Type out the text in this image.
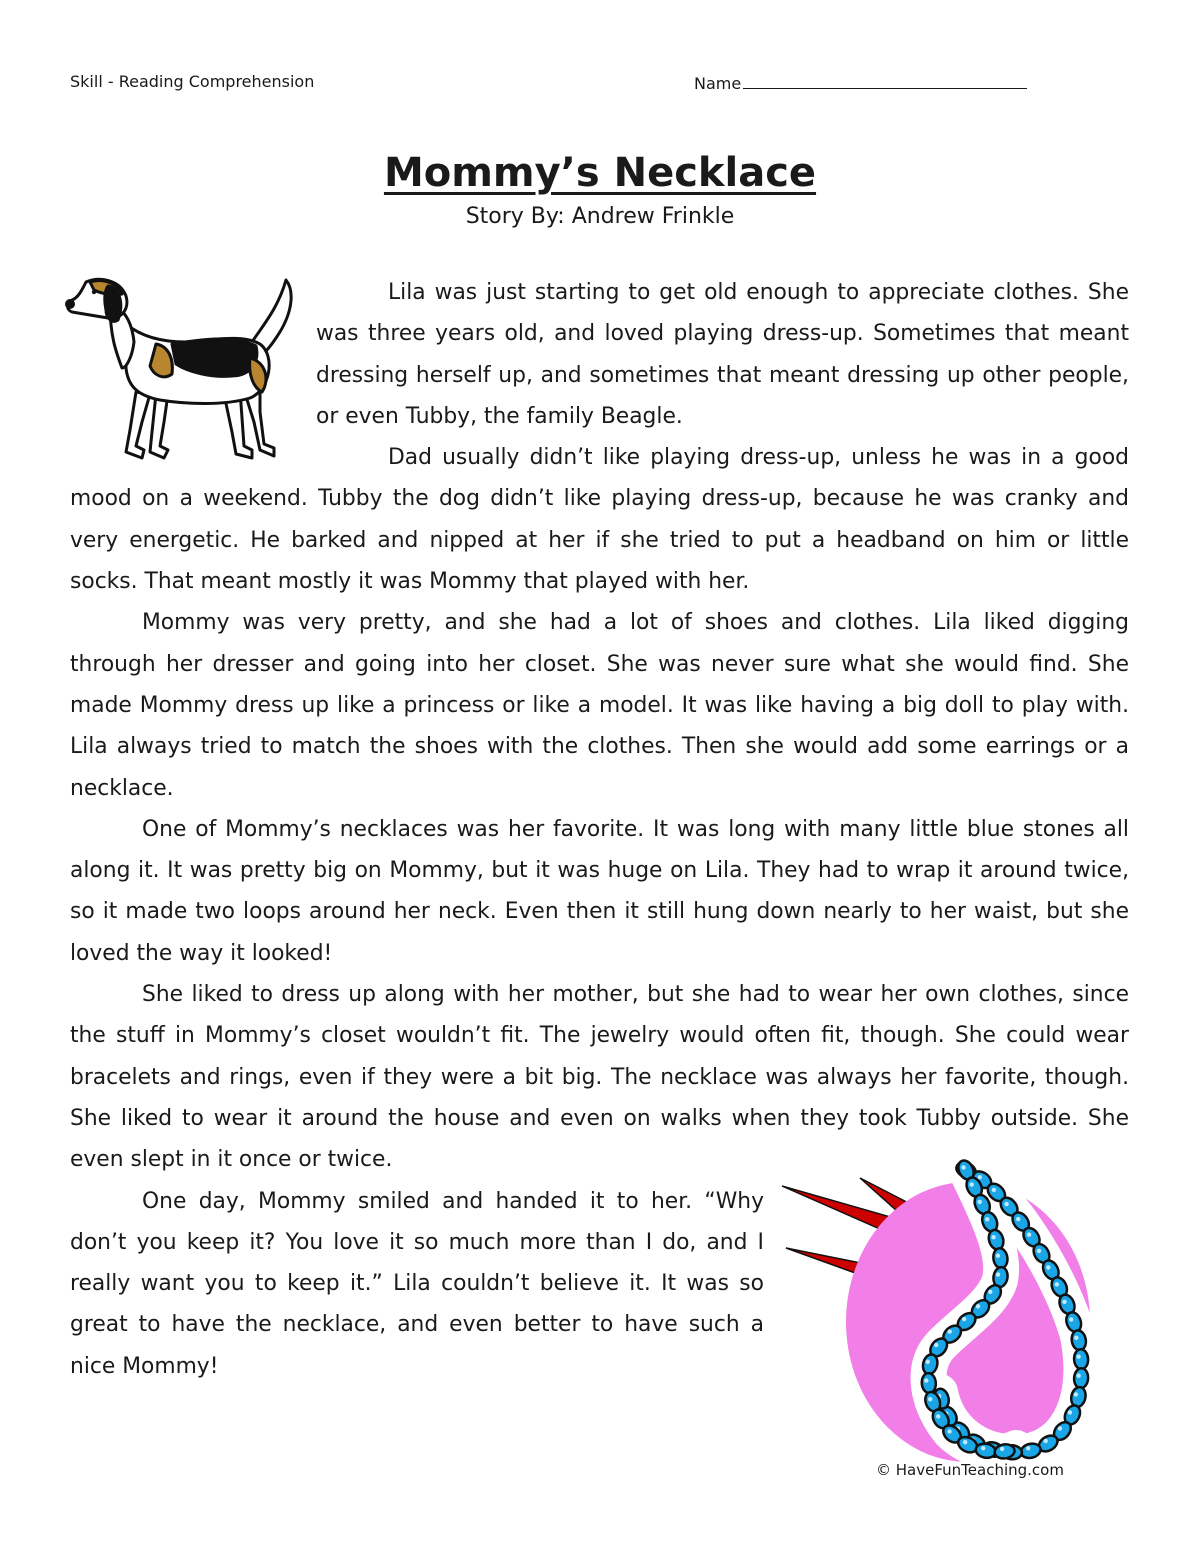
Skill - Reading Comprehension	Name
Mommy’s Necklace
Story By: Andrew Frinkle

Lila was just starting to get old enough to appreciate clothes. She was three years old, and loved playing dress-up. Sometimes that meant dressing herself up, and sometimes that meant dressing up other people, or even Tubby, the family Beagle.

Dad usually didn’t like playing dress-up, unless he was in a good mood on a weekend. Tubby the dog didn’t like playing dress-up, because he was cranky and very energetic. He barked and nipped at her if she tried to put a headband on him or little socks. That meant mostly it was Mommy that played with her.

Mommy was very pretty, and she had a lot of shoes and clothes. Lila liked digging through her dresser and going into her closet. She was never sure what she would find. She made Mommy dress up like a princess or like a model. It was like having a big doll to play with. Lila always tried to match the shoes with the clothes. Then she would add some earrings or a necklace.

One of Mommy’s necklaces was her favorite. It was long with many little blue stones all along it. It was pretty big on Mommy, but it was huge on Lila. They had to wrap it around twice, so it made two loops around her neck. Even then it still hung down nearly to her waist, but she loved the way it looked!

She liked to dress up along with her mother, but she had to wear her own clothes, since the stuff in Mommy’s closet wouldn’t fit. The jewelry would often fit, though. She could wear bracelets and rings, even if they were a bit big. The necklace was always her favorite, though. She liked to wear it around the house and even on walks when they took Tubby outside. She even slept in it once or twice.

One day, Mommy smiled and handed it to her. “Why don’t you keep it? You love it so much more than I do, and I really want you to keep it.” Lila couldn’t believe it. It was so great to have the necklace, and even better to have such a nice Mommy!

© HaveFunTeaching.com
